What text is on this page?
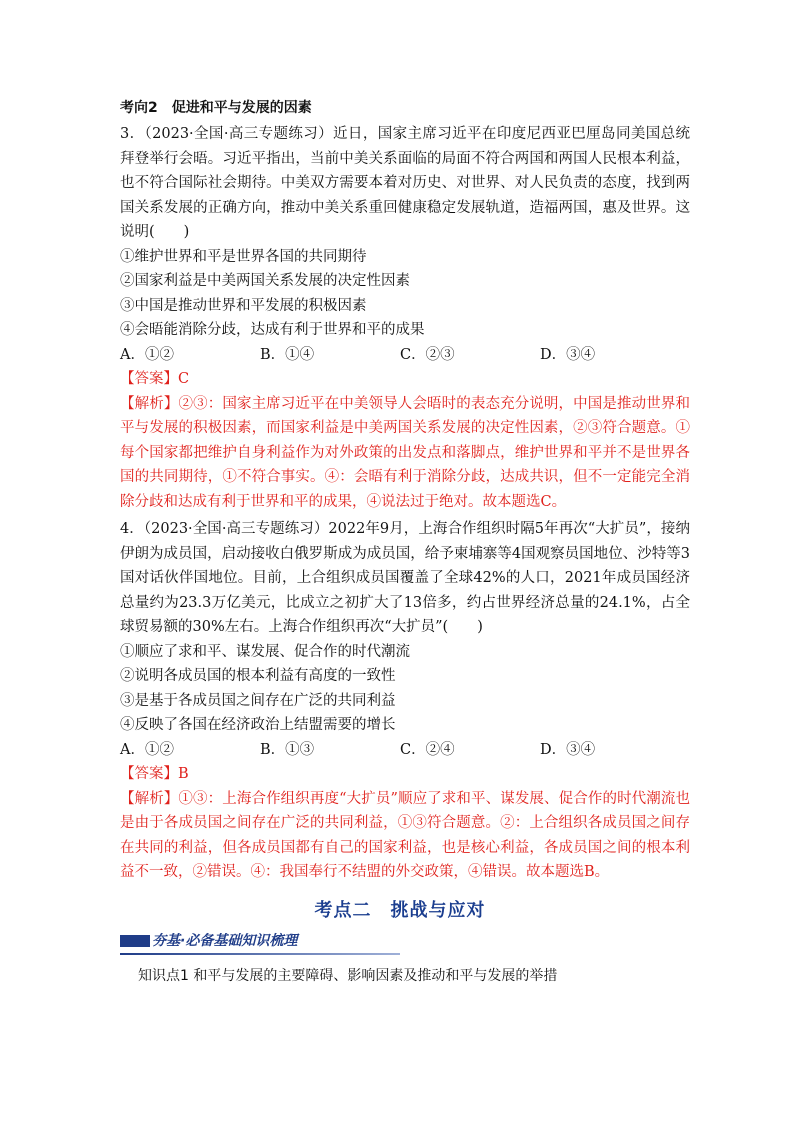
考向2　促进和平与发展的因素

3．（2023·全国·高三专题练习）近日，国家主席习近平在印度尼西亚巴厘岛同美国总统拜登举行会晤。习近平指出，当前中美关系面临的局面不符合两国和两国人民根本利益，也不符合国际社会期待。中美双方需要本着对历史、对世界、对人民负责的态度，找到两国关系发展的正确方向，推动中美关系重回健康稳定发展轨道，造福两国，惠及世界。这说明(　　)

①维护世界和平是世界各国的共同期待

②国家利益是中美两国关系发展的决定性因素

③中国是推动世界和平发展的积极因素

④会晤能消除分歧，达成有利于世界和平的成果

A．①②	B．①④	C．②③	D．③④

【答案】C

【解析】②③：国家主席习近平在中美领导人会晤时的表态充分说明，中国是推动世界和平与发展的积极因素，而国家利益是中美两国关系发展的决定性因素，②③符合题意。①每个国家都把维护自身利益作为对外政策的出发点和落脚点，维护世界和平并不是世界各国的共同期待，①不符合事实。④：会晤有利于消除分歧，达成共识，但不一定能完全消除分歧和达成有利于世界和平的成果，④说法过于绝对。故本题选C。

4．（2023·全国·高三专题练习）2022年9月，上海合作组织时隔5年再次“大扩员”，接纳伊朗为成员国，启动接收白俄罗斯成为成员国，给予柬埔寨等4国观察员国地位、沙特等3国对话伙伴国地位。目前，上合组织成员国覆盖了全球42%的人口，2021年成员国经济总量约为23.3万亿美元，比成立之初扩大了13倍多，约占世界经济总量的24.1%，占全球贸易额的30%左右。上海合作组织再次“大扩员”(　　)

①顺应了求和平、谋发展、促合作的时代潮流

②说明各成员国的根本利益有高度的一致性

③是基于各成员国之间存在广泛的共同利益

④反映了各国在经济政治上结盟需要的增长

A．①②	B．①③	C．②④	D．③④

【答案】B

【解析】①③：上海合作组织再度“大扩员”顺应了求和平、谋发展、促合作的时代潮流也是由于各成员国之间存在广泛的共同利益，①③符合题意。②：上合组织各成员国之间存在共同的利益，但各成员国都有自己的国家利益，也是核心利益，各成员国之间的根本利益不一致，②错误。④：我国奉行不结盟的外交政策，④错误。故本题选B。

考点二　挑战与应对
夯基·必备基础知识梳理
知识点1 和平与发展的主要障碍、影响因素及推动和平与发展的举措
